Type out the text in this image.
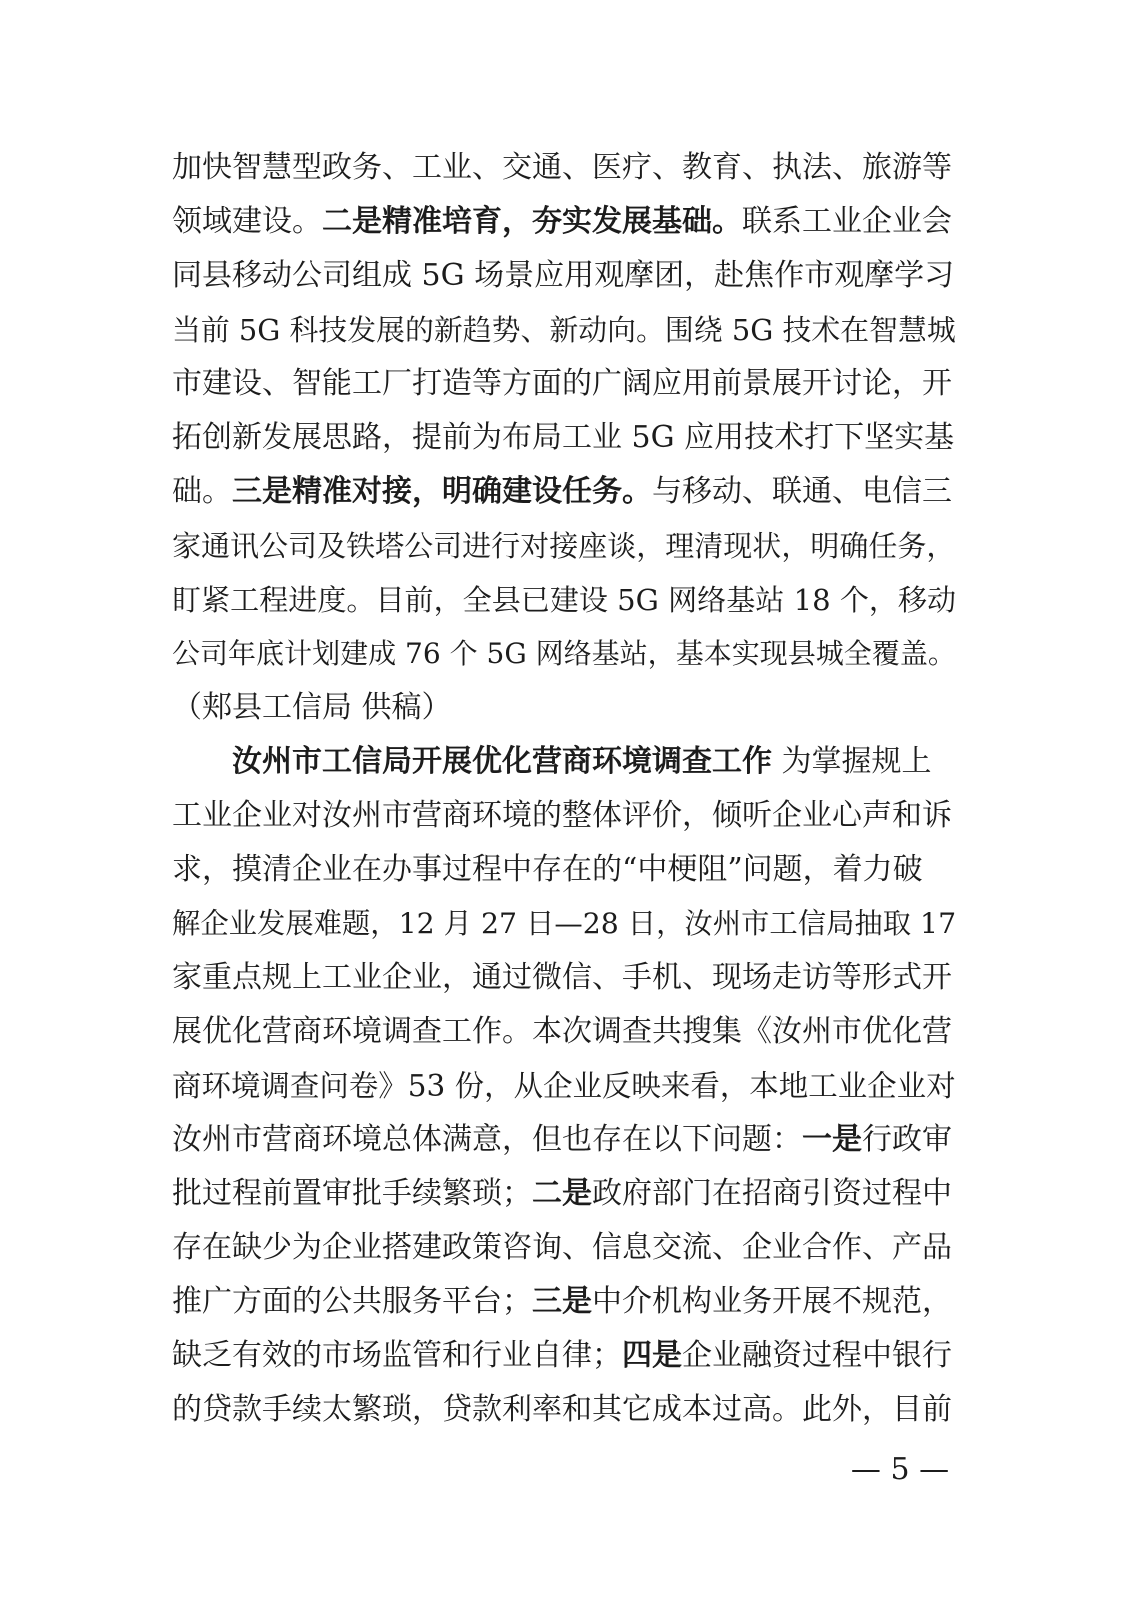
加快智慧型政务、工业、交通、医疗、教育、执法、旅游等
领域建设。二是精准培育，夯实发展基础。联系工业企业会
同县移动公司组成 5G 场景应用观摩团，赴焦作市观摩学习
当前 5G 科技发展的新趋势、新动向。围绕 5G 技术在智慧城
市建设、智能工厂打造等方面的广阔应用前景展开讨论，开
拓创新发展思路，提前为布局工业 5G 应用技术打下坚实基
础。三是精准对接，明确建设任务。与移动、联通、电信三
家通讯公司及铁塔公司进行对接座谈，理清现状，明确任务，
盯紧工程进度。目前，全县已建设 5G 网络基站 18 个，移动
公司年底计划建成 76 个 5G 网络基站，基本实现县城全覆盖。
（郏县工信局 供稿）
汝州市工信局开展优化营商环境调查工作 为掌握规上
工业企业对汝州市营商环境的整体评价，倾听企业心声和诉
求，摸清企业在办事过程中存在的“中梗阻”问题，着力破
解企业发展难题，12 月 27 日—28 日，汝州市工信局抽取 17
家重点规上工业企业，通过微信、手机、现场走访等形式开
展优化营商环境调查工作。本次调查共搜集《汝州市优化营
商环境调查问卷》53 份，从企业反映来看，本地工业企业对
汝州市营商环境总体满意，但也存在以下问题：一是行政审
批过程前置审批手续繁琐；二是政府部门在招商引资过程中
存在缺少为企业搭建政策咨询、信息交流、企业合作、产品
推广方面的公共服务平台；三是中介机构业务开展不规范，
缺乏有效的市场监管和行业自律；四是企业融资过程中银行
的贷款手续太繁琐，贷款利率和其它成本过高。此外，目前
— 5 —
